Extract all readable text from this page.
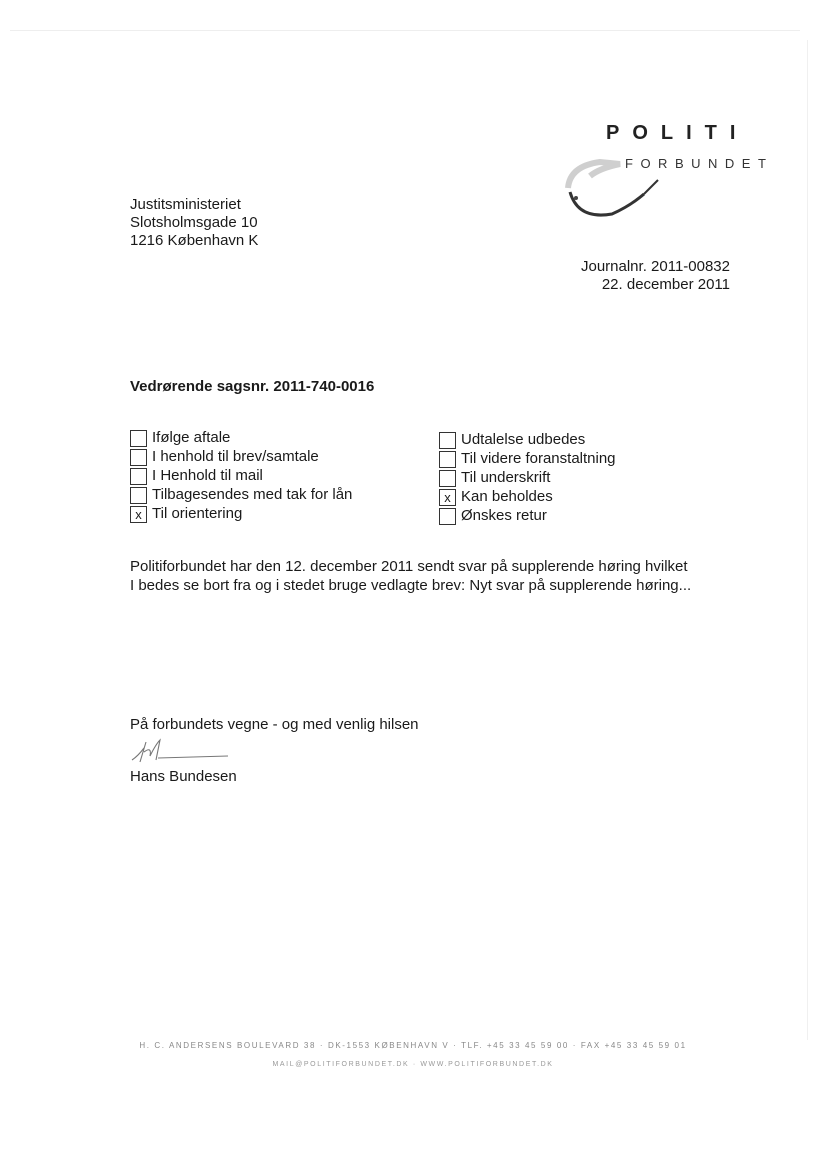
POLITI
FORBUNDET
Justitsministeriet
Slotsholmsgade 10
1216 København K
Journalnr. 2011-00832
22. december 2011
Vedrørende sagsnr. 2011-740-0016
Ifølge aftale
I henhold til brev/samtale
I Henhold til mail
Tilbagesendes med tak for lån
x Til orientering
Udtalelse udbedes
Til videre foranstaltning
Til underskrift
x Kan beholdes
Ønskes retur
Politiforbundet har den 12. december 2011 sendt svar på supplerende høring hvilket
I bedes se bort fra og i stedet bruge vedlagte brev: Nyt svar på supplerende høring...
På forbundets vegne - og med venlig hilsen
Hans Bundesen
H. C. ANDERSENS BOULEVARD 38 · DK-1553 KØBENHAVN V · TLF. +45 33 45 59 00 · FAX +45 33 45 59 01
MAIL@POLITIFORBUNDET.DK · WWW.POLITIFORBUNDET.DK
